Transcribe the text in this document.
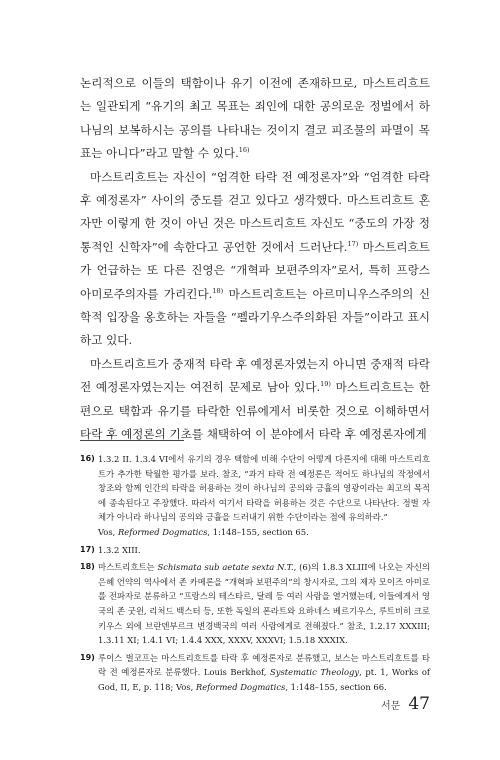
논리적으로 이들의 택함이나 유기 이전에 존재하므로, 마스트리흐트는 일관되게 “유기의 최고 목표는 죄인에 대한 공의로운 정벌에서 하나님의 보복하시는 공의를 나타내는 것이지 결코 피조물의 파멸이 목표는 아니다”라고 말할 수 있다.$^{16)}$

마스트리흐트는 자신이 “엄격한 타락 전 예정론자”와 “엄격한 타락 후 예정론자” 사이의 중도를 걷고 있다고 생각했다. 마스트리흐트 혼자만 이렇게 한 것이 아닌 것은 마스트리흐트 자신도 “중도의 가장 정통적인 신학자”에 속한다고 공언한 것에서 드러난다.$^{17)}$ 마스트리흐트가 언급하는 또 다른 진영은 “개혁파 보편주의자”로서, 특히 프랑스 아미로주의자를 가리킨다.$^{18)}$ 마스트리흐트는 아르미니우스주의의 신학적 입장을 옹호하는 자들을 “펠라기우스주의화된 자들”이라고 표시하고 있다.

마스트리흐트가 중재적 타락 후 예정론자였는지 아니면 중재적 타락 전 예정론자였는지는 여전히 문제로 남아 있다.$^{19)}$ 마스트리흐트는 한편으로 택함과 유기를 타락한 인류에게서 비롯한 것으로 이해하면서 타락 후 예정론의 기초를 채택하여 이 분야에서 타락 후 예정론자에게

16) 1.3.2 II. 1.3.4 VI에서 유기의 경우 택함에 비해 수단이 어떻게 다른지에 대해 마스트리흐트가 추가한 탁월한 평가를 보라. 참조, “과거 타락 전 예정론은 적어도 하나님의 작정에서 창조와 함께 인간의 타락을 허용하는 것이 하나님의 공의와 긍휼의 영광이라는 최고의 목적에 종속된다고 주장했다. 따라서 여기서 타락을 허용하는 것은 수단으로 나타난다. 정벌 자체가 아니라 하나님의 공의와 긍휼을 드러내기 위한 수단이라는 점에 유의하라.”
Vos, Reformed Dogmatics, 1:148–155, section 65.
17) 1.3.2 XIII.
18) 마스트리흐트는 Schismata sub aetate sexta N.T., (6)의 1.8.3 XLIII에 나오는 자신의 은혜 언약의 역사에서 존 카메론을 “개혁파 보편주의”의 창시자로, 그의 제자 모이즈 아미로를 전파자로 분류하고 “프랑스의 테스타르, 달레 등 여러 사람을 열거했는데, 이들에게서 영국의 존 굿윈, 리처드 백스터 등, 또한 독일의 폰라트와 요하네스 베르기우스, 루트비히 크로키우스 외에 브란덴부르크 변경백국의 여러 사람에게로 전해졌다.” 참조, 1.2.17 XXXIII; 1.3.11 XI; 1.4.1 VI; 1.4.4 XXX, XXXV, XXXVI; 1.5.18 XXXIX.
19) 루이스 벌코프는 마스트리흐트를 타락 후 예정론자로 분류했고, 보스는 마스트리흐트를 타락 전 예정론자로 분류했다. Louis Berkhof, Systematic Theology, pt. 1, Works of God, II, E, p. 118; Vos, Reformed Dogmatics, 1:148–155, section 66.
서문 47
